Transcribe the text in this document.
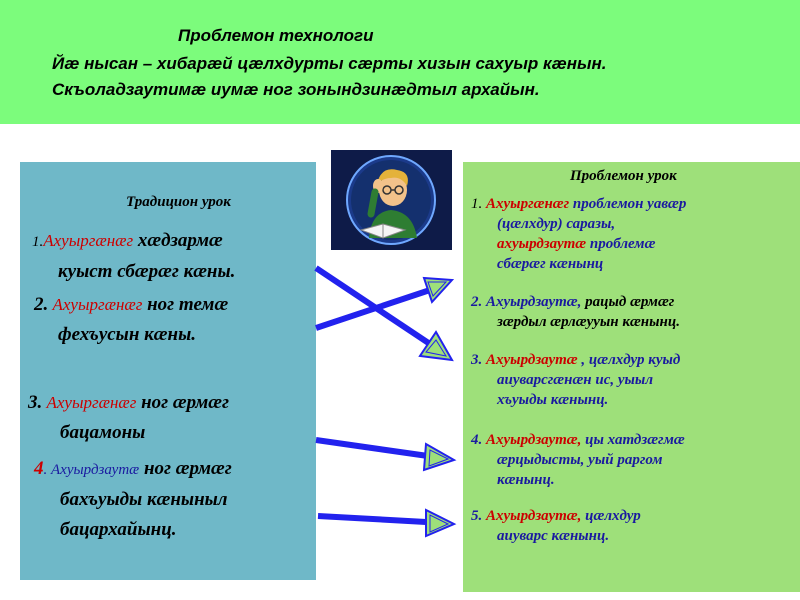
Проблемон технологи
Йæ нысан – хибарæй цæлхдурты сæрты хизын сахуыр кæнын.
Скъоладзаутимæ иумæ ног зонындзинæдтыл архайын.
Традицион урок
1.Ахуыргæнæг хæдзармæ
куыст сбæрæг кæны.
2. Ахуыргæнæг ног темæ
фехъусын кæны.
3. Ахуыргæнæг ног æрмæг
бацамоны
4. Ахуырдзаутæ ног æрмæг
бахъуыды кæныныл
бацархайынц.
Проблемон урок
1. Ахуыргæнæг проблемон уавæр
(цæлхдур) саразы,
ахуырдзаутæ проблемæ
сбæрæг кæнынц
2. Ахуырдзаутæ, рацыд æрмæг
зæрдыл æрлæууын кæнынц.
3. Ахуырдзаутæ , цæлхдур куыд
аиуварсгæнæн ис, уыыл
хъуыды кæнынц.
4. Ахуырдзаутæ, цы хатдзæгмæ
æрцыдысты, уый раргом
кæнынц.
5. Ахуырдзаутæ, цæлхдур
аиуварс кæнынц.
